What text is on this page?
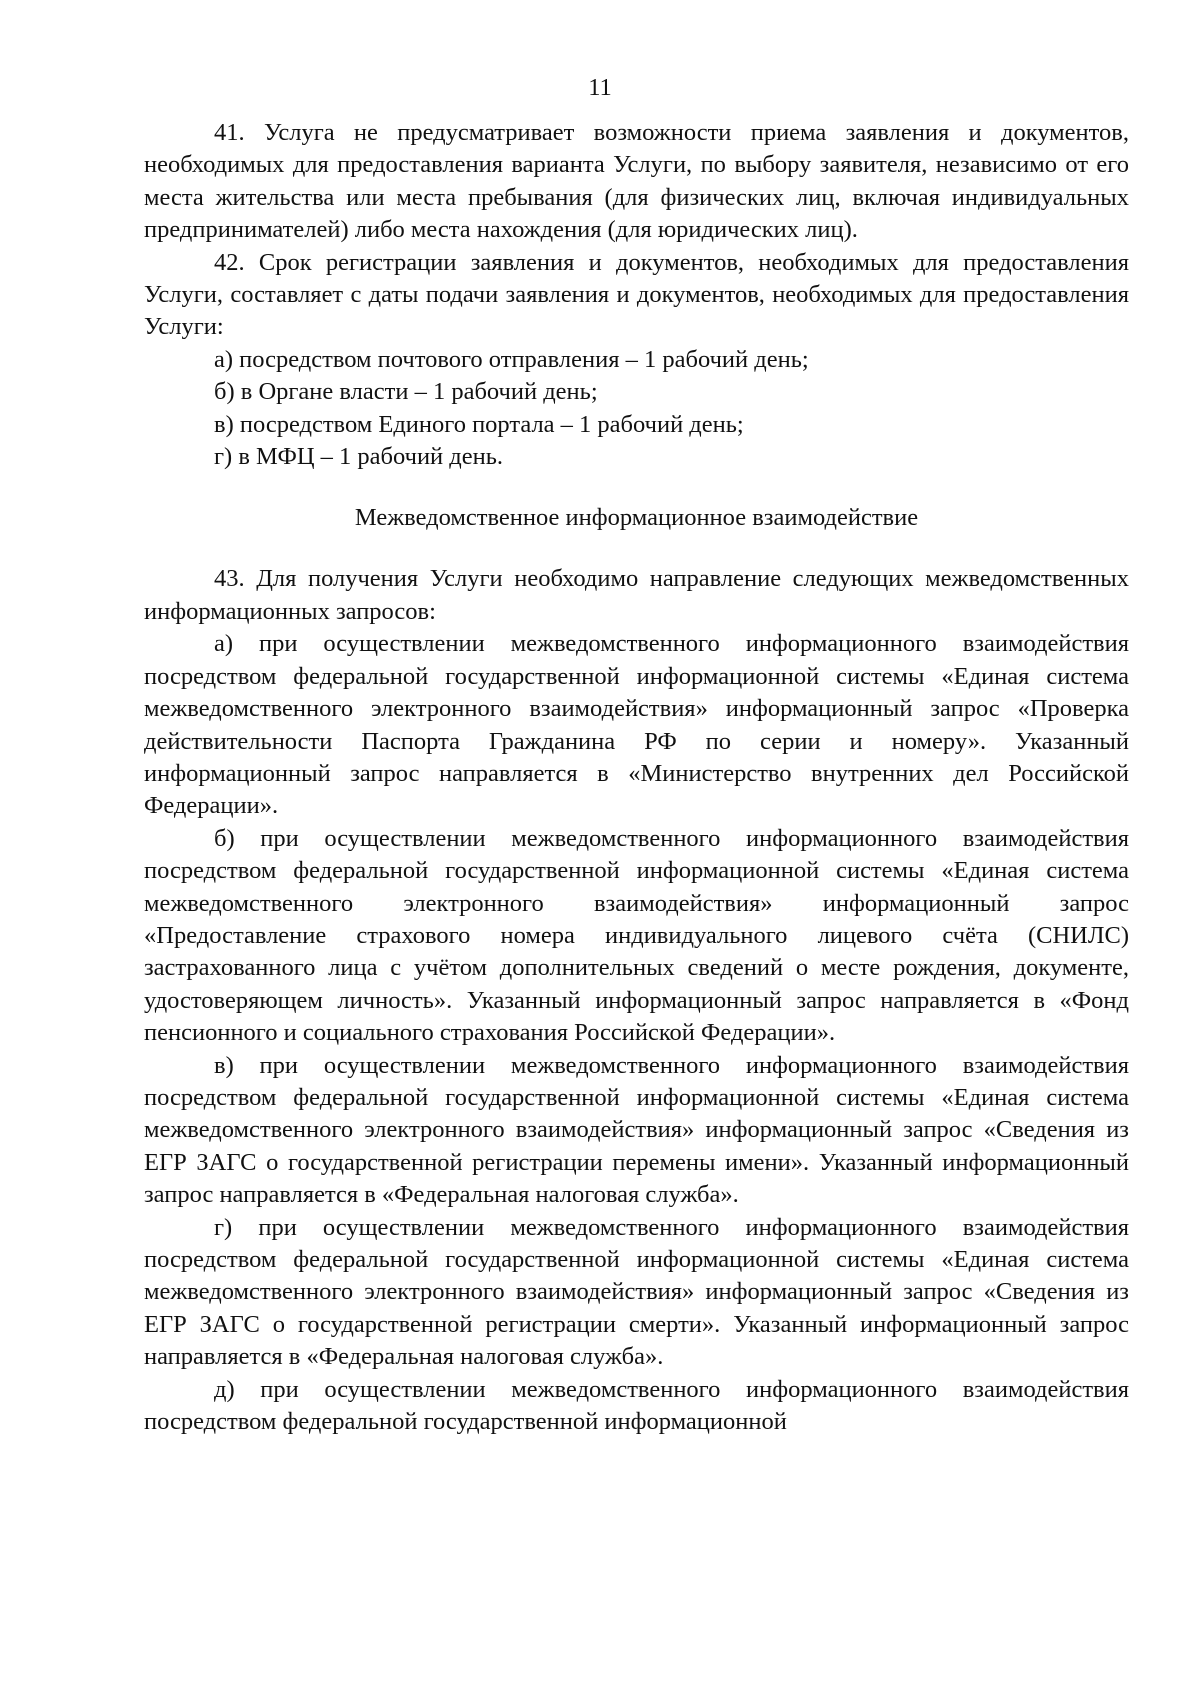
11

41. Услуга не предусматривает возможности приема заявления и документов, необходимых для предоставления варианта Услуги, по выбору заявителя, независимо от его места жительства или места пребывания (для физических лиц, включая индивидуальных предпринимателей) либо места нахождения (для юридических лиц).

42. Срок регистрации заявления и документов, необходимых для предоставления Услуги, составляет с даты подачи заявления и документов, необходимых для предоставления Услуги:

а) посредством почтового отправления – 1 рабочий день;

б) в Органе власти – 1 рабочий день;

в) посредством Единого портала – 1 рабочий день;

г) в МФЦ – 1 рабочий день.

Межведомственное информационное взаимодействие

43. Для получения Услуги необходимо направление следующих межведомственных информационных запросов:

а) при осуществлении межведомственного информационного взаимодействия посредством федеральной государственной информационной системы «Единая система межведомственного электронного взаимодействия» информационный запрос «Проверка действительности Паспорта Гражданина РФ по серии и номеру». Указанный информационный запрос направляется в «Министерство внутренних дел Российской Федерации».

б) при осуществлении межведомственного информационного взаимодействия посредством федеральной государственной информационной системы «Единая система межведомственного электронного взаимодействия» информационный запрос «Предоставление страхового номера индивидуального лицевого счёта (СНИЛС) застрахованного лица с учётом дополнительных сведений о месте рождения, документе, удостоверяющем личность». Указанный информационный запрос направляется в «Фонд пенсионного и социального страхования Российской Федерации».

в) при осуществлении межведомственного информационного взаимодействия посредством федеральной государственной информационной системы «Единая система межведомственного электронного взаимодействия» информационный запрос «Сведения из ЕГР ЗАГС о государственной регистрации перемены имени». Указанный информационный запрос направляется в «Федеральная налоговая служба».

г) при осуществлении межведомственного информационного взаимодействия посредством федеральной государственной информационной системы «Единая система межведомственного электронного взаимодействия» информационный запрос «Сведения из ЕГР ЗАГС о государственной регистрации смерти». Указанный информационный запрос направляется в «Федеральная налоговая служба».

д) при осуществлении межведомственного информационного взаимодействия посредством федеральной государственной информационной
